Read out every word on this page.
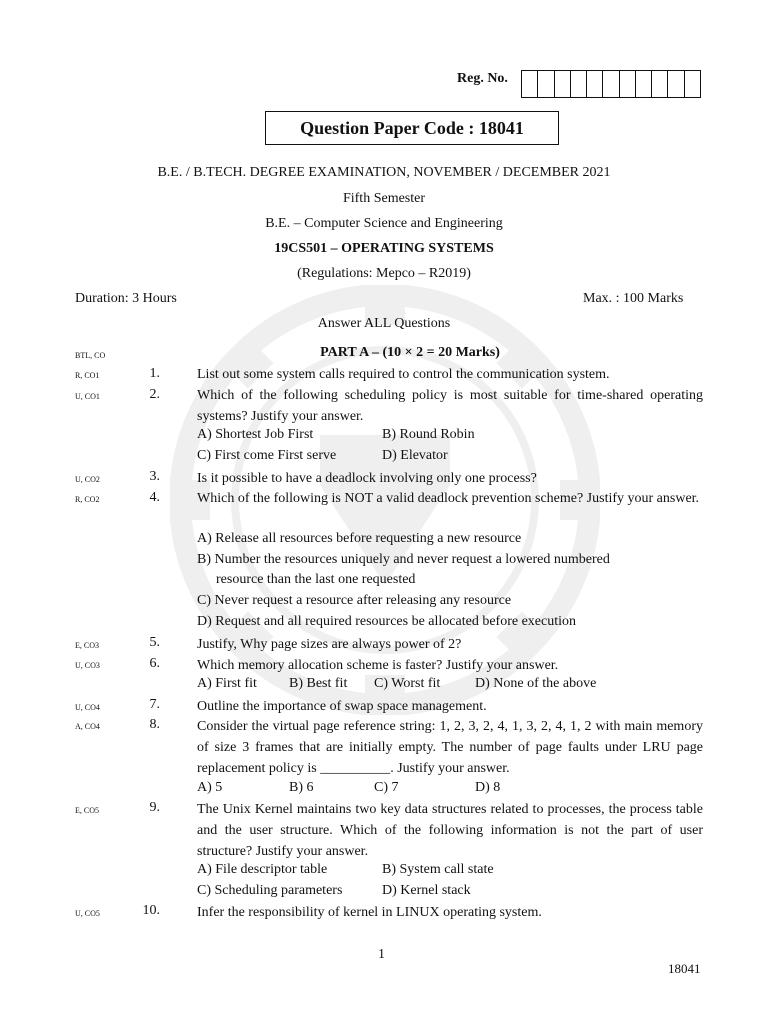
Reg. No.
Question Paper Code : 18041
B.E. / B.TECH. DEGREE EXAMINATION, NOVEMBER / DECEMBER 2021
Fifth Semester
B.E. – Computer Science and Engineering
19CS501 – OPERATING SYSTEMS
(Regulations: Mepco – R2019)
Duration: 3 Hours	Max. : 100 Marks
Answer ALL Questions
BTL, CO	PART A – (10 × 2 = 20 Marks)
R, CO1	1.	List out some system calls required to control the communication system.
U, CO1	2.	Which of the following scheduling policy is most suitable for time-shared operating systems? Justify your answer.
A) Shortest Job First	B) Round Robin
C) First come First serve	D) Elevator
U, CO2	3.	Is it possible to have a deadlock involving only one process?
R, CO2	4.	Which of the following is NOT a valid deadlock prevention scheme? Justify your answer.
A) Release all resources before requesting a new resource
B) Number the resources uniquely and never request a lowered numbered
resource than the last one requested
C) Never request a resource after releasing any resource
D) Request and all required resources be allocated before execution
E, CO3	5.	Justify, Why page sizes are always power of 2?
U, CO3	6.	Which memory allocation scheme is faster? Justify your answer.
A) First fit B) Best fit C) Worst fit D) None of the above
U, CO4	7.	Outline the importance of swap space management.
A, CO4	8.	Consider the virtual page reference string: 1, 2, 3, 2, 4, 1, 3, 2, 4, 1, 2 with main memory of size 3 frames that are initially empty. The number of page faults under LRU page replacement policy is __________. Justify your answer.
A) 5	B) 6	C) 7	D) 8
E, CO5	9.	The Unix Kernel maintains two key data structures related to processes, the process table and the user structure. Which of the following information is not the part of user structure? Justify your answer.
A) File descriptor table	B) System call state
C) Scheduling parameters	D) Kernel stack
U, CO5	10.	Infer the responsibility of kernel in LINUX operating system.
1
18041
